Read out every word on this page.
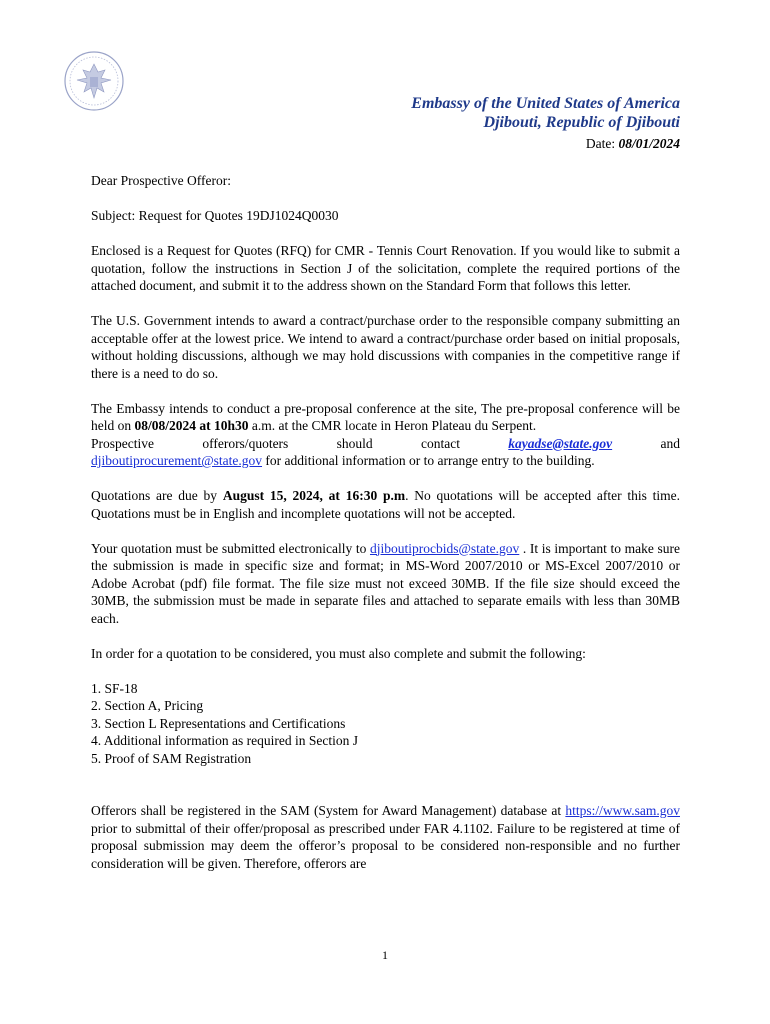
Embassy of the United States of America
Djibouti, Republic of Djibouti
Date: 08/01/2024

Dear Prospective Offeror:

Subject: Request for Quotes 19DJ1024Q0030

Enclosed is a Request for Quotes (RFQ) for CMR - Tennis Court Renovation. If you would like to submit a quotation, follow the instructions in Section J of the solicitation, complete the required portions of the attached document, and submit it to the address shown on the Standard Form that follows this letter.

The U.S. Government intends to award a contract/purchase order to the responsible company submitting an acceptable offer at the lowest price. We intend to award a contract/purchase order based on initial proposals, without holding discussions, although we may hold discussions with companies in the competitive range if there is a need to do so.

The Embassy intends to conduct a pre-proposal conference at the site, The pre-proposal conference will be held on 08/08/2024 at 10h30 a.m. at the CMR locate in Heron Plateau du Serpent.

Prospective	offerors/quoters	should	contact	kayadse@state.gov	and

djiboutiprocurement@state.gov for additional information or to arrange entry to the building.

Quotations are due by August 15, 2024, at 16:30 p.m. No quotations will be accepted after this time. Quotations must be in English and incomplete quotations will not be accepted.

Your quotation must be submitted electronically to djiboutiprocbids@state.gov . It is important to make sure the submission is made in specific size and format; in MS-Word 2007/2010 or MS-Excel 2007/2010 or Adobe Acrobat (pdf) file format. The file size must not exceed 30MB. If the file size should exceed the 30MB, the submission must be made in separate files and attached to separate emails with less than 30MB each.

In order for a quotation to be considered, you must also complete and submit the following:

1. SF-18
2. Section A, Pricing
3. Section L Representations and Certifications
4. Additional information as required in Section J
5. Proof of SAM Registration

Offerors shall be registered in the SAM (System for Award Management) database at https://www.sam.gov prior to submittal of their offer/proposal as prescribed under FAR 4.1102. Failure to be registered at time of proposal submission may deem the offeror’s proposal to be considered non-responsible and no further consideration will be given. Therefore, offerors are

1
